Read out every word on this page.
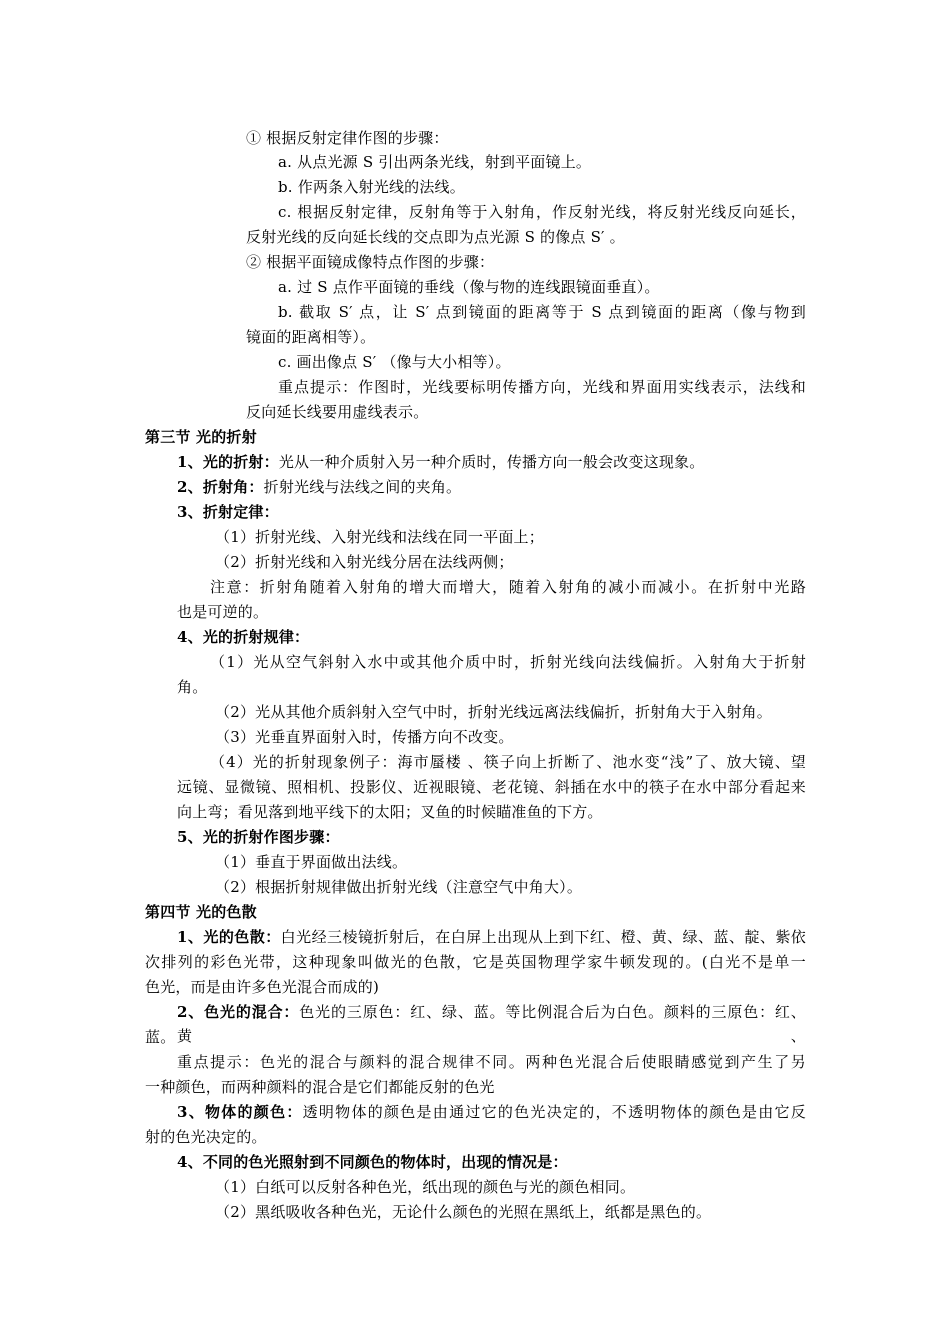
① 根据反射定律作图的步骤：
a. 从点光源 S 引出两条光线，射到平面镜上。
b. 作两条入射光线的法线。
c. 根据反射定律，反射角等于入射角，作反射光线，将反射光线反向延长，
反射光线的反向延长线的交点即为点光源 S 的像点 S′ 。
② 根据平面镜成像特点作图的步骤：
a. 过 S 点作平面镜的垂线（像与物的连线跟镜面垂直）。
b. 截取 S′ 点，让 S′ 点到镜面的距离等于 S 点到镜面的距离（像与物到
镜面的距离相等）。
c. 画出像点 S′ （像与大小相等）。
重点提示：作图时，光线要标明传播方向，光线和界面用实线表示，法线和
反向延长线要用虚线表示。
第三节 光的折射
1、光的折射：光从一种介质射入另一种介质时，传播方向一般会改变这现象。
2、折射角：折射光线与法线之间的夹角。
3、折射定律：
（1）折射光线、入射光线和法线在同一平面上；
（2）折射光线和入射光线分居在法线两侧；
注意：折射角随着入射角的增大而增大，随着入射角的减小而减小。在折射中光路
也是可逆的。
4、光的折射规律：
（1）光从空气斜射入水中或其他介质中时，折射光线向法线偏折。入射角大于折射
角。
（2）光从其他介质斜射入空气中时，折射光线远离法线偏折，折射角大于入射角。
（3）光垂直界面射入时，传播方向不改变。
（4）光的折射现象例子：海市蜃楼 、筷子向上折断了、池水变“浅”了、放大镜、望
远镜、显微镜、照相机、投影仪、近视眼镜、老花镜、斜插在水中的筷子在水中部分看起来
向上弯；看见落到地平线下的太阳；叉鱼的时候瞄准鱼的下方。
5、光的折射作图步骤：
（1）垂直于界面做出法线。
（2）根据折射规律做出折射光线（注意空气中角大）。
第四节 光的色散
1、光的色散：白光经三棱镜折射后，在白屏上出现从上到下红、橙、黄、绿、蓝、靛、紫依
次排列的彩色光带，这种现象叫做光的色散，它是英国物理学家牛顿发现的。(白光不是单一
色光，而是由许多色光混合而成的)
2、色光的混合：色光的三原色：红、绿、蓝。等比例混合后为白色。颜料的三原色：红、黄、
蓝。
重点提示：色光的混合与颜料的混合规律不同。两种色光混合后使眼睛感觉到产生了另
一种颜色，而两种颜料的混合是它们都能反射的色光
3、物体的颜色：透明物体的颜色是由通过它的色光决定的，不透明物体的颜色是由它反
射的色光决定的。
4、不同的色光照射到不同颜色的物体时，出现的情况是：
（1）白纸可以反射各种色光，纸出现的颜色与光的颜色相同。
（2）黑纸吸收各种色光，无论什么颜色的光照在黑纸上，纸都是黑色的。
